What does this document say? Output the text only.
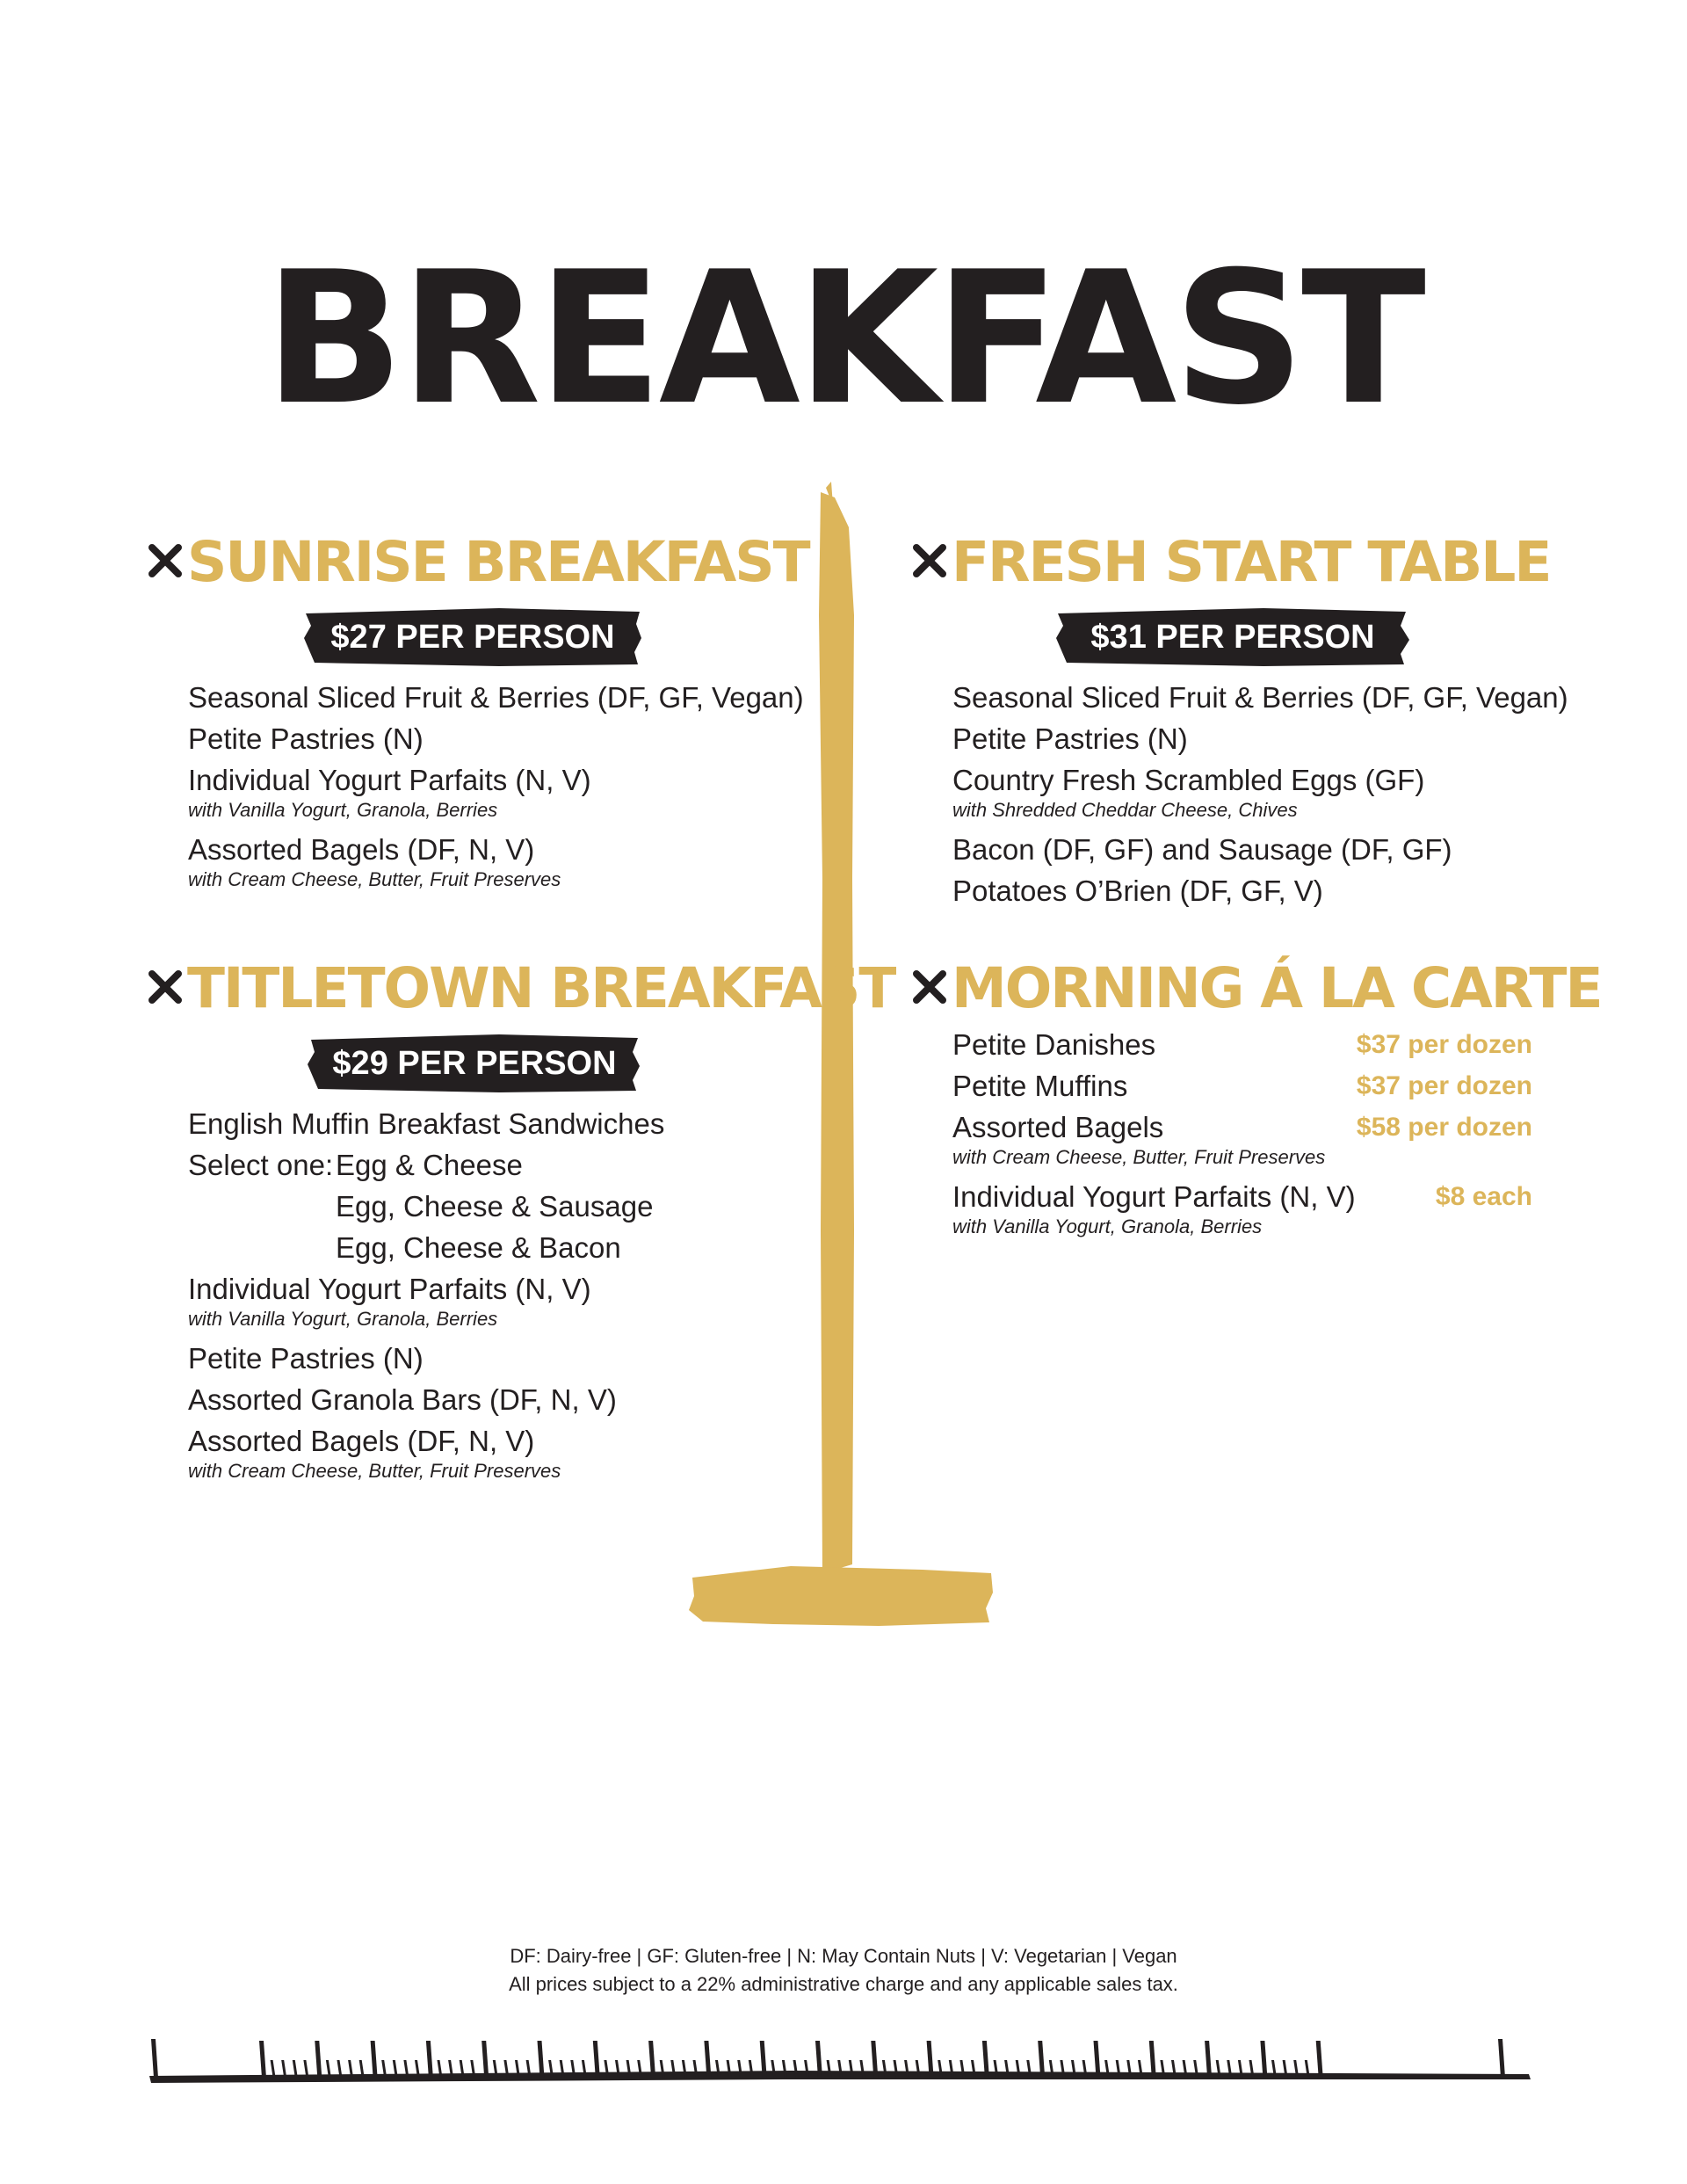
BREAKFAST
SUNRISE BREAKFAST
$27 PER PERSON
Seasonal Sliced Fruit & Berries (DF, GF, Vegan)
Petite Pastries (N)
Individual Yogurt Parfaits (N, V)
with Vanilla Yogurt, Granola, Berries
Assorted Bagels (DF, N, V)
with Cream Cheese, Butter, Fruit Preserves
TITLETOWN BREAKFAST
$29 PER PERSON
English Muffin Breakfast Sandwiches
Select one: Egg & Cheese
Egg, Cheese & Sausage
Egg, Cheese & Bacon
Individual Yogurt Parfaits (N, V)
with Vanilla Yogurt, Granola, Berries
Petite Pastries (N)
Assorted Granola Bars (DF, N, V)
Assorted Bagels (DF, N, V)
with Cream Cheese, Butter, Fruit Preserves
FRESH START TABLE
$31 PER PERSON
Seasonal Sliced Fruit & Berries (DF, GF, Vegan)
Petite Pastries (N)
Country Fresh Scrambled Eggs (GF)
with Shredded Cheddar Cheese, Chives
Bacon (DF, GF) and Sausage (DF, GF)
Potatoes O’Brien (DF, GF, V)
MORNING Á LA CARTE
Petite Danishes	$37 per dozen
Petite Muffins	$37 per dozen
Assorted Bagels	$58 per dozen
with Cream Cheese, Butter, Fruit Preserves
Individual Yogurt Parfaits (N, V)	$8 each
with Vanilla Yogurt, Granola, Berries
DF: Dairy-free | GF: Gluten-free | N: May Contain Nuts | V: Vegetarian | Vegan
All prices subject to a 22% administrative charge and any applicable sales tax.
